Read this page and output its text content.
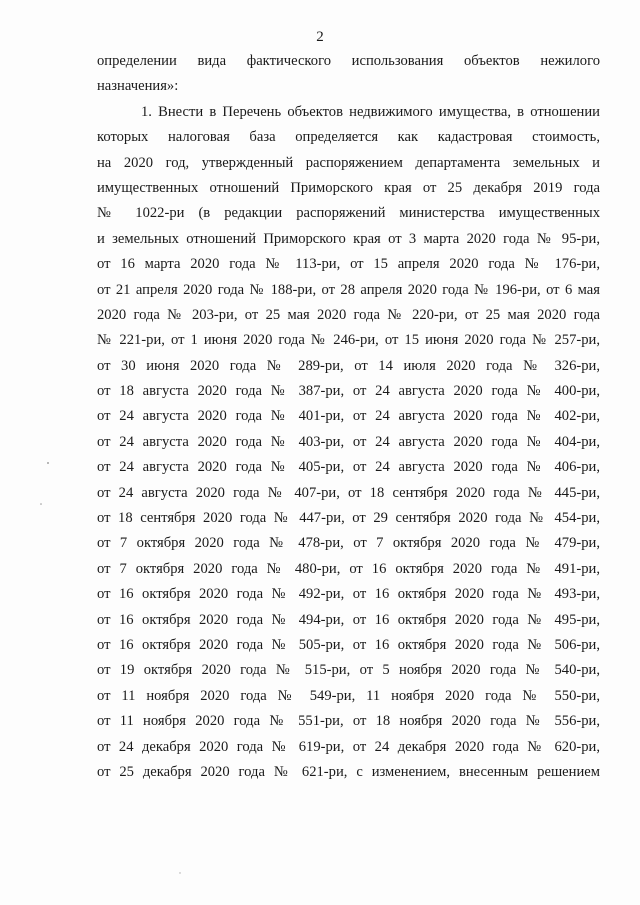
2
определении вида фактического использования объектов нежилого
назначения»:
1. Внести в Перечень объектов недвижимого имущества, в отношении
которых налоговая база определяется как кадастровая стоимость,
на 2020 год, утвержденный распоряжением департамента земельных и
имущественных отношений Приморского края от 25 декабря 2019 года
№ 1022-ри (в редакции распоряжений министерства имущественных
и земельных отношений Приморского края от 3 марта 2020 года № 95-ри,
от 16 марта 2020 года № 113-ри, от 15 апреля 2020 года № 176-ри,
от 21 апреля 2020 года № 188-ри, от 28 апреля 2020 года № 196-ри, от 6 мая
2020 года № 203-ри, от 25 мая 2020 года № 220-ри, от 25 мая 2020 года
№ 221-ри, от 1 июня 2020 года № 246-ри, от 15 июня 2020 года № 257-ри,
от 30 июня 2020 года № 289-ри, от 14 июля 2020 года № 326-ри,
от 18 августа 2020 года № 387-ри, от 24 августа 2020 года № 400-ри,
от 24 августа 2020 года № 401-ри, от 24 августа 2020 года № 402-ри,
от 24 августа 2020 года № 403-ри, от 24 августа 2020 года № 404-ри,
от 24 августа 2020 года № 405-ри, от 24 августа 2020 года № 406-ри,
от 24 августа 2020 года № 407-ри, от 18 сентября 2020 года № 445-ри,
от 18 сентября 2020 года № 447-ри, от 29 сентября 2020 года № 454-ри,
от 7 октября 2020 года № 478-ри, от 7 октября 2020 года № 479-ри,
от 7 октября 2020 года № 480-ри, от 16 октября 2020 года № 491-ри,
от 16 октября 2020 года № 492-ри, от 16 октября 2020 года № 493-ри,
от 16 октября 2020 года № 494-ри, от 16 октября 2020 года № 495-ри,
от 16 октября 2020 года № 505-ри, от 16 октября 2020 года № 506-ри,
от 19 октября 2020 года № 515-ри, от 5 ноября 2020 года № 540-ри,
от 11 ноября 2020 года № 549-ри, 11 ноября 2020 года № 550-ри,
от 11 ноября 2020 года № 551-ри, от 18 ноября 2020 года № 556-ри,
от 24 декабря 2020 года № 619-ри, от 24 декабря 2020 года № 620-ри,
от 25 декабря 2020 года № 621-ри, с изменением, внесенным решением
